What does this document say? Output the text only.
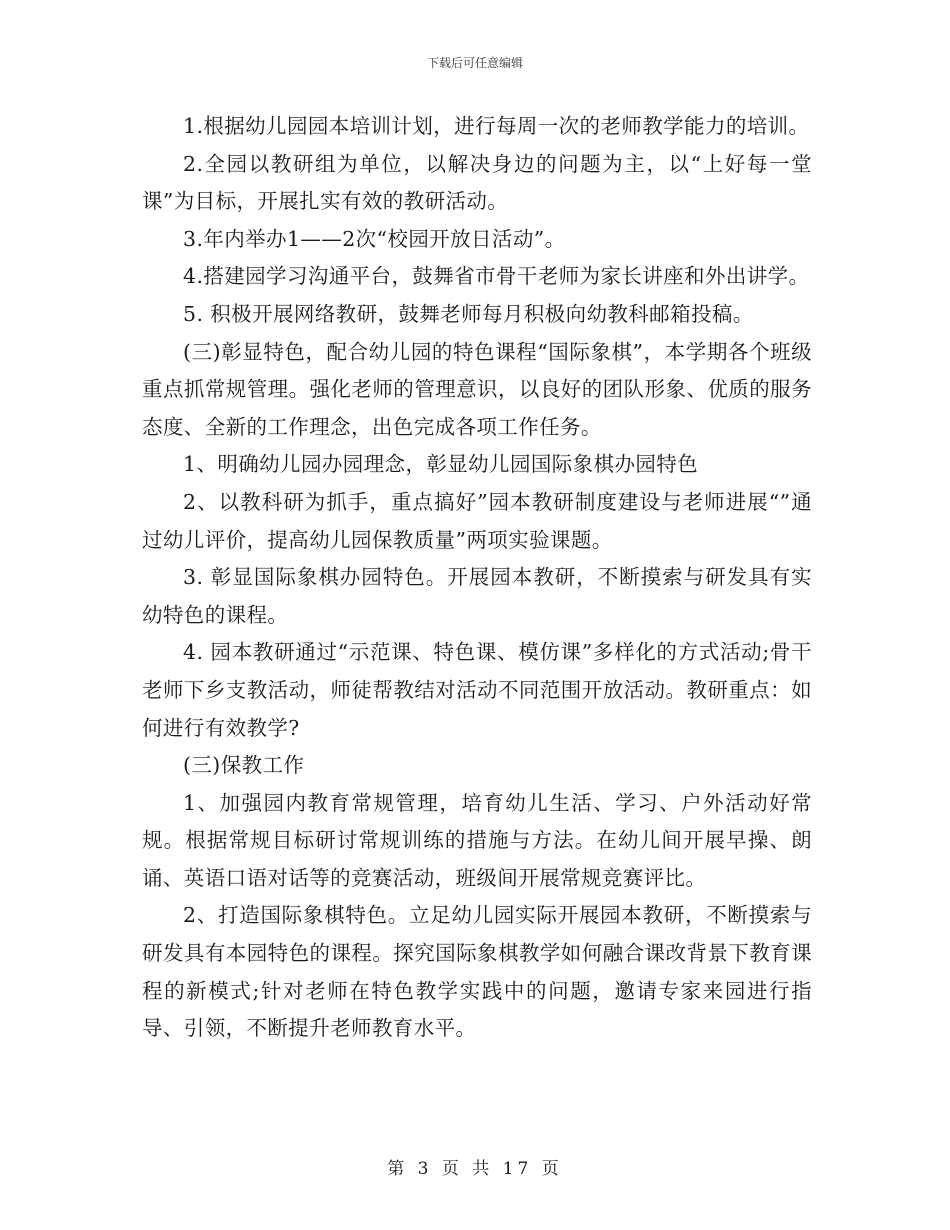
下载后可任意编辑

1.根据幼儿园园本培训计划，进行每周一次的老师教学能力的培训。

2.全园以教研组为单位，以解决身边的问题为主，以“上好每一堂课”为目标，开展扎实有效的教研活动。

3.年内举办1——2次“校园开放日活动”。

4.搭建园学习沟通平台，鼓舞省市骨干老师为家长讲座和外出讲学。

5. 积极开展网络教研，鼓舞老师每月积极向幼教科邮箱投稿。

(三)彰显特色，配合幼儿园的特色课程“国际象棋”，本学期各个班级重点抓常规管理。强化老师的管理意识，以良好的团队形象、优质的服务态度、全新的工作理念，出色完成各项工作任务。

1、明确幼儿园办园理念，彰显幼儿园国际象棋办园特色

2、以教科研为抓手，重点搞好”园本教研制度建设与老师进展“”通过幼儿评价，提高幼儿园保教质量”两项实验课题。

3. 彰显国际象棋办园特色。开展园本教研，不断摸索与研发具有实幼特色的课程。

4. 园本教研通过“示范课、特色课、模仿课”多样化的方式活动;骨干老师下乡支教活动，师徒帮教结对活动不同范围开放活动。教研重点：如何进行有效教学?

(三)保教工作

1、加强园内教育常规管理，培育幼儿生活、学习、户外活动好常规。根据常规目标研讨常规训练的措施与方法。在幼儿间开展早操、朗诵、英语口语对话等的竞赛活动，班级间开展常规竞赛评比。

2、打造国际象棋特色。立足幼儿园实际开展园本教研，不断摸索与研发具有本园特色的课程。探究国际象棋教学如何融合课改背景下教育课程的新模式;针对老师在特色教学实践中的问题，邀请专家来园进行指导、引领，不断提升老师教育水平。

第 3 页 共 17 页
